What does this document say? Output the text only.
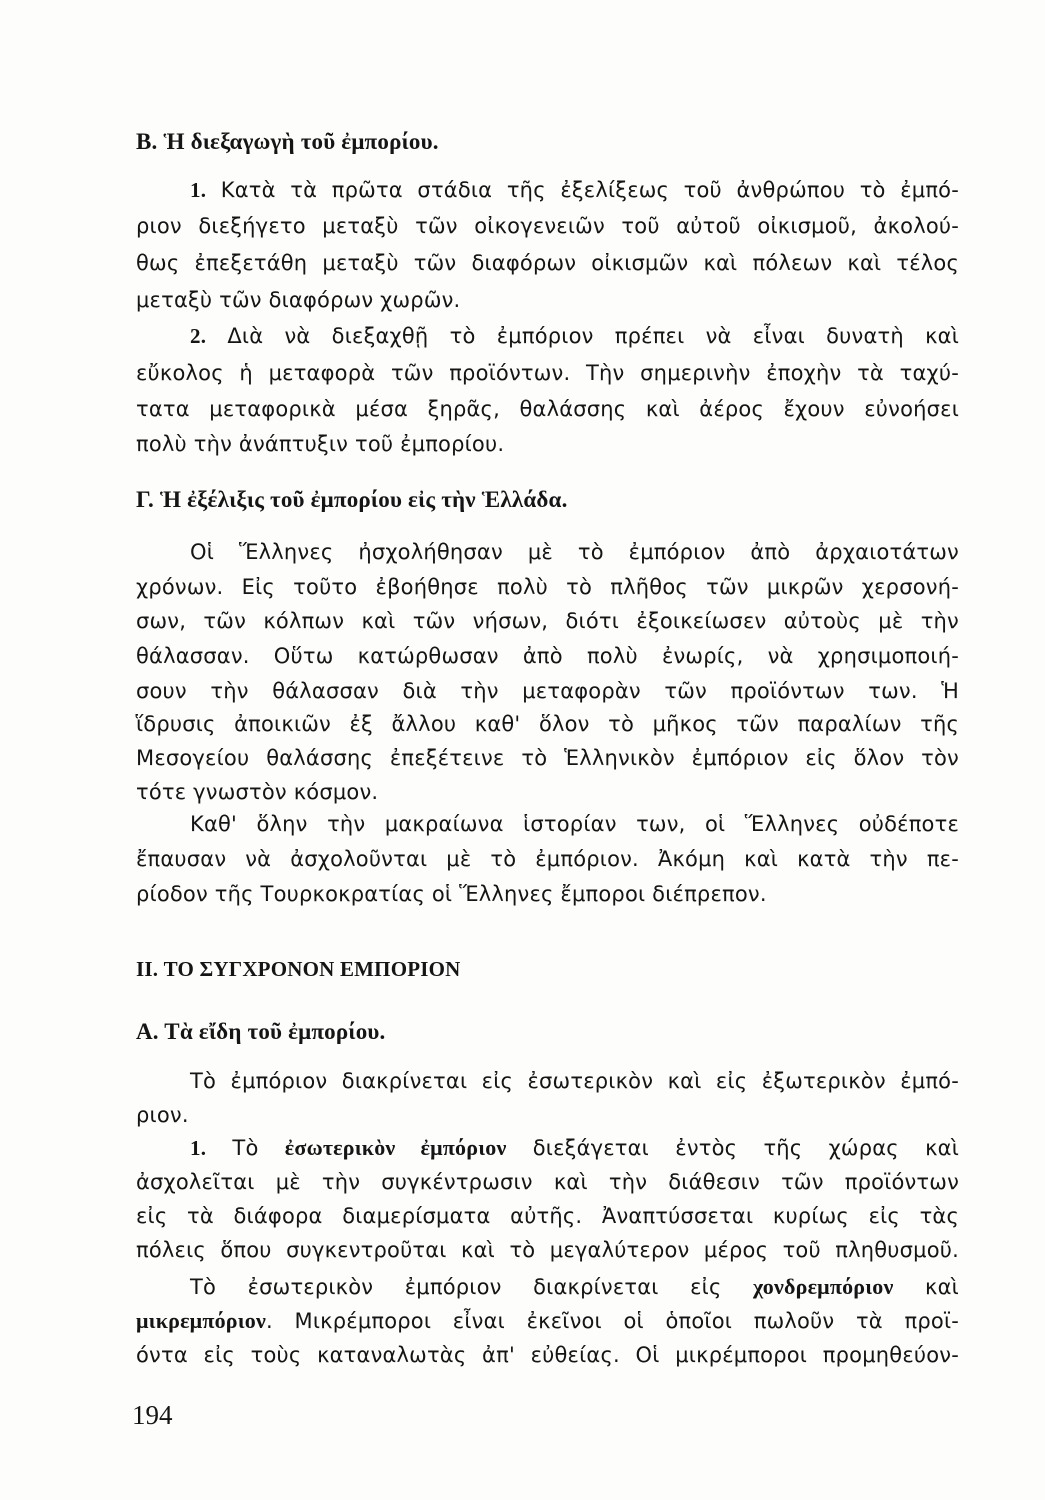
Β. Ἡ διεξαγωγὴ τοῦ ἐμπορίου.
1. Κατὰ τὰ πρῶτα στάδια τῆς ἐξελίξεως τοῦ ἀνθρώπου τὸ ἐμπό-
ριον διεξήγετο μεταξὺ τῶν οἰκογενειῶν τοῦ αὐτοῦ οἰκισμοῦ, ἀκολού-
θως ἐπεξετάθη μεταξὺ τῶν διαφόρων οἰκισμῶν καὶ πόλεων καὶ τέλος
μεταξὺ τῶν διαφόρων χωρῶν.
2. Διὰ νὰ διεξαχθῇ τὸ ἐμπόριον πρέπει νὰ εἶναι δυνατὴ καὶ
εὔκολος ἡ μεταφορὰ τῶν προϊόντων. Τὴν σημερινὴν ἐποχὴν τὰ ταχύ-
τατα μεταφορικὰ μέσα ξηρᾶς, θαλάσσης καὶ ἀέρος ἔχουν εὐνοήσει
πολὺ τὴν ἀνάπτυξιν τοῦ ἐμπορίου.
Γ. Ἡ ἐξέλιξις τοῦ ἐμπορίου εἰς τὴν Ἑλλάδα.
Οἱ Ἕλληνες ἠσχολήθησαν μὲ τὸ ἐμπόριον ἀπὸ ἀρχαιοτάτων
χρόνων. Εἰς τοῦτο ἐβοήθησε πολὺ τὸ πλῆθος τῶν μικρῶν χερσονή-
σων, τῶν κόλπων καὶ τῶν νήσων, διότι ἐξοικείωσεν αὐτοὺς μὲ τὴν
θάλασσαν. Οὕτω κατώρθωσαν ἀπὸ πολὺ ἐνωρίς, νὰ χρησιμοποιή-
σουν τὴν θάλασσαν διὰ τὴν μεταφορὰν τῶν προϊόντων των. Ἡ
ἵδρυσις ἀποικιῶν ἐξ ἄλλου καθ' ὅλον τὸ μῆκος τῶν παραλίων τῆς
Μεσογείου θαλάσσης ἐπεξέτεινε τὸ Ἑλληνικὸν ἐμπόριον εἰς ὅλον τὸν
τότε γνωστὸν κόσμον.
Καθ' ὅλην τὴν μακραίωνα ἱστορίαν των, οἱ Ἕλληνες οὐδέποτε
ἔπαυσαν νὰ ἀσχολοῦνται μὲ τὸ ἐμπόριον. Ἀκόμη καὶ κατὰ τὴν πε-
ρίοδον τῆς Τουρκοκρατίας οἱ Ἕλληνες ἔμποροι διέπρεπον.
II. ΤΟ ΣΥΓΧΡΟΝΟΝ ΕΜΠΟΡΙΟΝ
Α. Τὰ εἴδη τοῦ ἐμπορίου.
Τὸ ἐμπόριον διακρίνεται εἰς ἐσωτερικὸν καὶ εἰς ἐξωτερικὸν ἐμπό-
ριον.
1. Τὸ ἐσωτερικὸν ἐμπόριον διεξάγεται ἐντὸς τῆς χώρας καὶ
ἀσχολεῖται μὲ τὴν συγκέντρωσιν καὶ τὴν διάθεσιν τῶν προϊόντων
εἰς τὰ διάφορα διαμερίσματα αὐτῆς. Ἀναπτύσσεται κυρίως εἰς τὰς
πόλεις ὅπου συγκεντροῦται καὶ τὸ μεγαλύτερον μέρος τοῦ πληθυσμοῦ.
Τὸ ἐσωτερικὸν ἐμπόριον διακρίνεται εἰς χονδρεμπόριον καὶ
μικρεμπόριον. Μικρέμποροι εἶναι ἐκεῖνοι οἱ ὁποῖοι πωλοῦν τὰ προϊ-
όντα εἰς τοὺς καταναλωτὰς ἀπ' εὐθείας. Οἱ μικρέμποροι προμηθεύον-
194
